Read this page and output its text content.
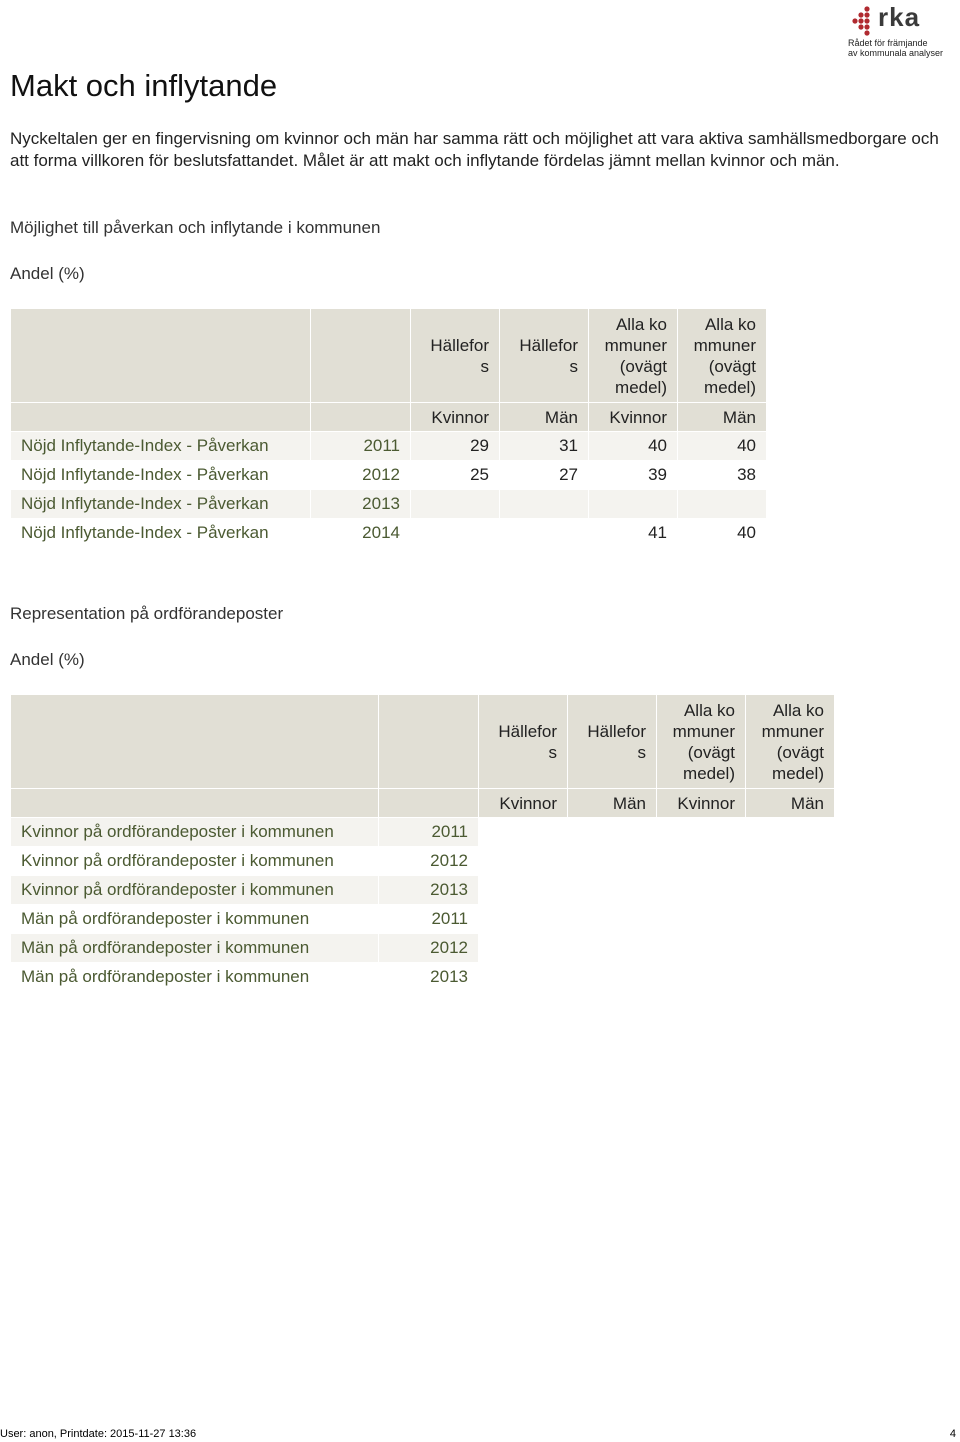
rka
Rådet för främjande
av kommunala analyser
Makt och inflytande

Nyckeltalen ger en fingervisning om kvinnor och män har samma rätt och möjlighet att vara aktiva samhällsmedborgare och att forma villkoren för beslutsfattandet. Målet är att makt och inflytande fördelas jämnt mellan kvinnor och män.

Möjlighet till påverkan och inflytande i kommunen

Andel (%)

		Hällefor s	Hällefor s	Alla ko mmuner (ovägt medel)	Alla ko mmuner (ovägt medel)
		Kvinnor	Män	Kvinnor	Män
Nöjd Inflytande-Index - Påverkan	2011	29	31	40	40
Nöjd Inflytande-Index - Påverkan	2012	25	27	39	38
Nöjd Inflytande-Index - Påverkan	2013				
Nöjd Inflytande-Index - Påverkan	2014			41	40

Representation på ordförandeposter

Andel (%)

		Hällefor s	Hällefor s	Alla ko mmuner (ovägt medel)	Alla ko mmuner (ovägt medel)
		Kvinnor	Män	Kvinnor	Män
Kvinnor på ordförandeposter i kommunen	2011				
Kvinnor på ordförandeposter i kommunen	2012				
Kvinnor på ordförandeposter i kommunen	2013				
Män på ordförandeposter i kommunen	2011				
Män på ordförandeposter i kommunen	2012				
Män på ordförandeposter i kommunen	2013				
User: anon, Printdate: 2015-11-27 13:36	4
